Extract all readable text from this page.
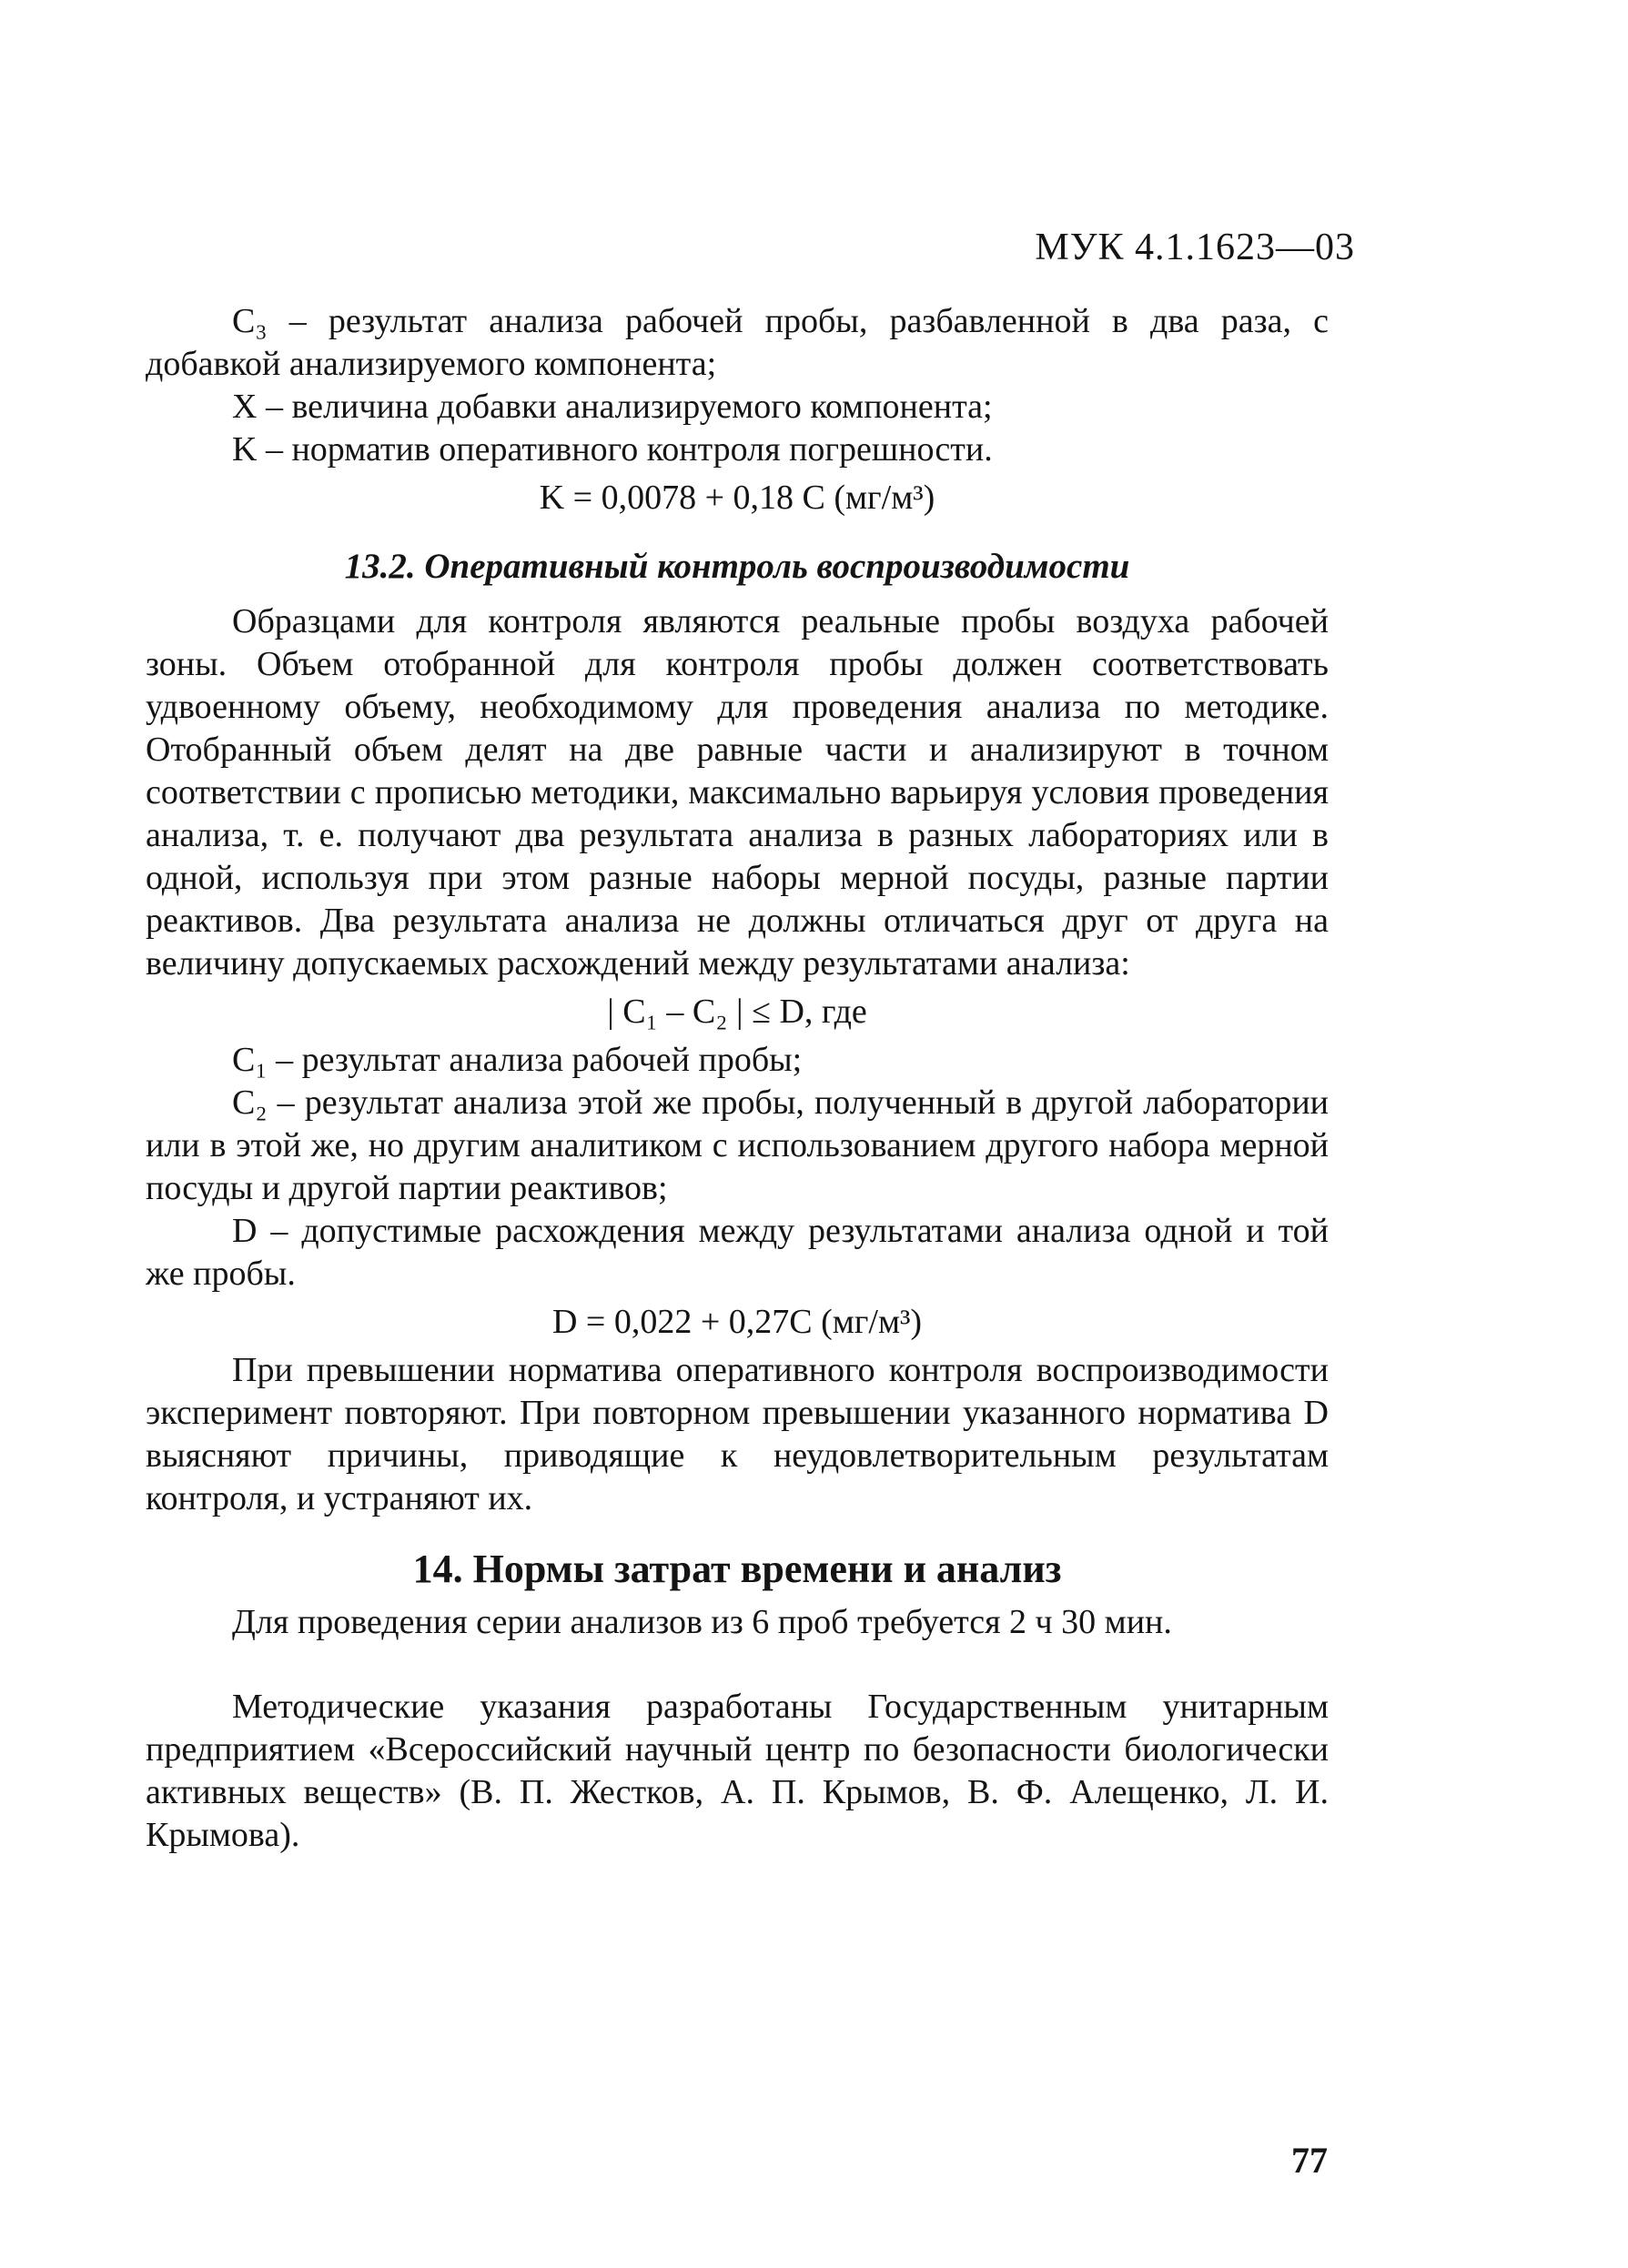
МУК 4.1.1623—03

C₃ – результат анализа рабочей пробы, разбавленной в два раза, с добавкой анализируемого компонента;

X – величина добавки анализируемого компонента;

K – норматив оперативного контроля погрешности.

K = 0,0078 + 0,18 C (мг/м³)

13.2. Оперативный контроль воспроизводимости

Образцами для контроля являются реальные пробы воздуха рабочей зоны. Объем отобранной для контроля пробы должен соответствовать удвоенному объему, необходимому для проведения анализа по методике. Отобранный объем делят на две равные части и анализируют в точном соответствии с прописью методики, максимально варьируя условия проведения анализа, т. е. получают два результата анализа в разных лабораториях или в одной, используя при этом разные наборы мерной посуды, разные партии реактивов. Два результата анализа не должны отличаться друг от друга на величину допускаемых расхождений между результатами анализа:

| C₁ – C₂ | ≤ D, где

C₁ – результат анализа рабочей пробы;

C₂ – результат анализа этой же пробы, полученный в другой лаборатории или в этой же, но другим аналитиком с использованием другого набора мерной посуды и другой партии реактивов;

D – допустимые расхождения между результатами анализа одной и той же пробы.

D = 0,022 + 0,27C (мг/м³)

При превышении норматива оперативного контроля воспроизводимости эксперимент повторяют. При повторном превышении указанного норматива D выясняют причины, приводящие к неудовлетворительным результатам контроля, и устраняют их.

14. Нормы затрат времени и анализ

Для проведения серии анализов из 6 проб требуется 2 ч 30 мин.

Методические указания разработаны Государственным унитарным предприятием «Всероссийский научный центр по безопасности биологически активных веществ» (В. П. Жестков, А. П. Крымов, В. Ф. Алещенко, Л. И. Крымова).

77
